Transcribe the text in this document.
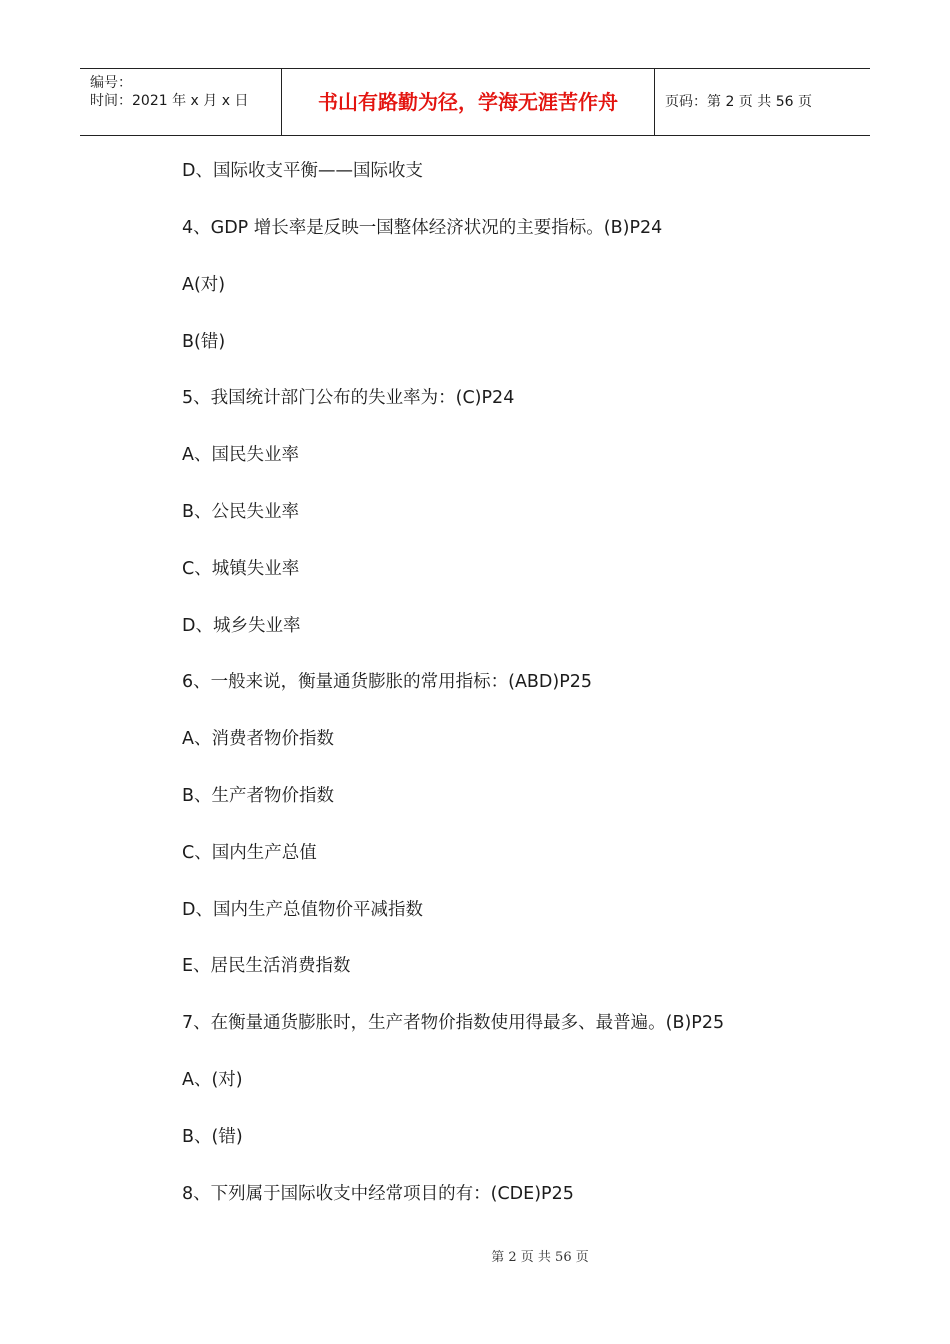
编号：
时间：2021 年 x 月 x 日	书山有路勤为径，学海无涯苦作舟	页码：第 2 页 共 56 页
D、国际收支平衡——国际收支
4、GDP 增长率是反映一国整体经济状况的主要指标。(B)P24
A(对)
B(错)
5、我国统计部门公布的失业率为：(C)P24
A、国民失业率
B、公民失业率
C、城镇失业率
D、城乡失业率
6、一般来说，衡量通货膨胀的常用指标：(ABD)P25
A、消费者物价指数
B、生产者物价指数
C、国内生产总值
D、国内生产总值物价平减指数
E、居民生活消费指数
7、在衡量通货膨胀时，生产者物价指数使用得最多、最普遍。(B)P25
A、(对)
B、(错)
8、下列属于国际收支中经常项目的有：(CDE)P25
第 2 页 共 56 页
